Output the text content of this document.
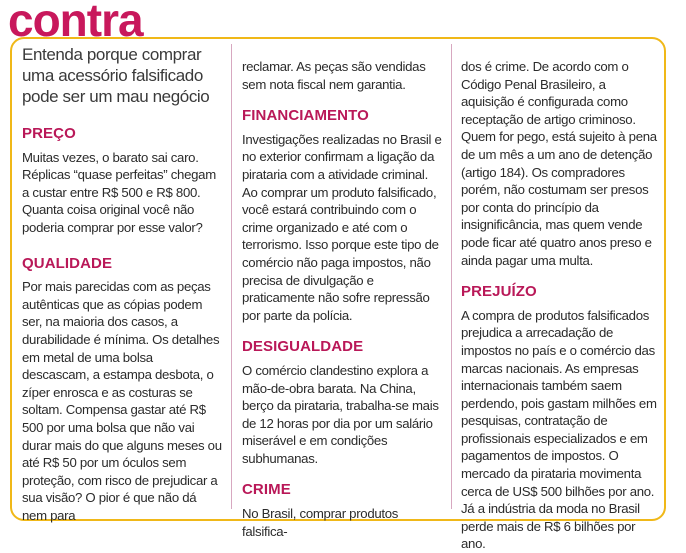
contra

Entenda porque comprar uma acessório falsificado pode ser um mau negócio

PREÇO

Muitas vezes, o barato sai caro. Réplicas “quase perfeitas” chegam a custar entre R$ 500 e R$ 800. Quanta coisa original você não poderia comprar por esse valor?

QUALIDADE

Por mais parecidas com as peças autênticas que as cópias podem ser, na maioria dos casos, a durabilidade é mínima. Os detalhes em metal de uma bolsa descascam, a estampa desbota, o zíper enrosca e as costuras se soltam. Compensa gastar até R$ 500 por uma bolsa que não vai durar mais do que alguns meses ou até R$ 50 por um óculos sem proteção, com risco de prejudicar a sua visão? O pior é que não dá nem para

reclamar. As peças são vendidas sem nota fiscal nem garantia.

FINANCIAMENTO

Investigações realizadas no Brasil e no exterior confirmam a ligação da pirataria com a atividade criminal. Ao comprar um produto falsificado, você estará contribuindo com o crime organizado e até com o terrorismo. Isso porque este tipo de comércio não paga impostos, não precisa de divulgação e praticamente não sofre repressão por parte da polícia.

DESIGUALDADE

O comércio clandestino explora a mão-de-obra barata. Na China, berço da pirataria, trabalha-se mais de 12 horas por dia por um salário miserável e em condições subhumanas.

CRIME

No Brasil, comprar produtos falsifica-

dos é crime. De acordo com o Código Penal Brasileiro, a aquisição é configurada como receptação de artigo criminoso. Quem for pego, está sujeito à pena de um mês a um ano de detenção (artigo 184). Os compradores porém, não costumam ser presos por conta do princípio da insignificância, mas quem vende pode ficar até quatro anos preso e ainda pagar uma multa.

PREJUÍZO

A compra de produtos falsificados prejudica a arrecadação de impostos no país e o comércio das marcas nacionais. As empresas internacionais também saem perdendo, pois gastam milhões em pesquisas, contratação de profissionais especializados e em pagamentos de impostos. O mercado da pirataria movimenta cerca de US$ 500 bilhões por ano. Já a indústria da moda no Brasil perde mais de R$ 6 bilhões por ano.
